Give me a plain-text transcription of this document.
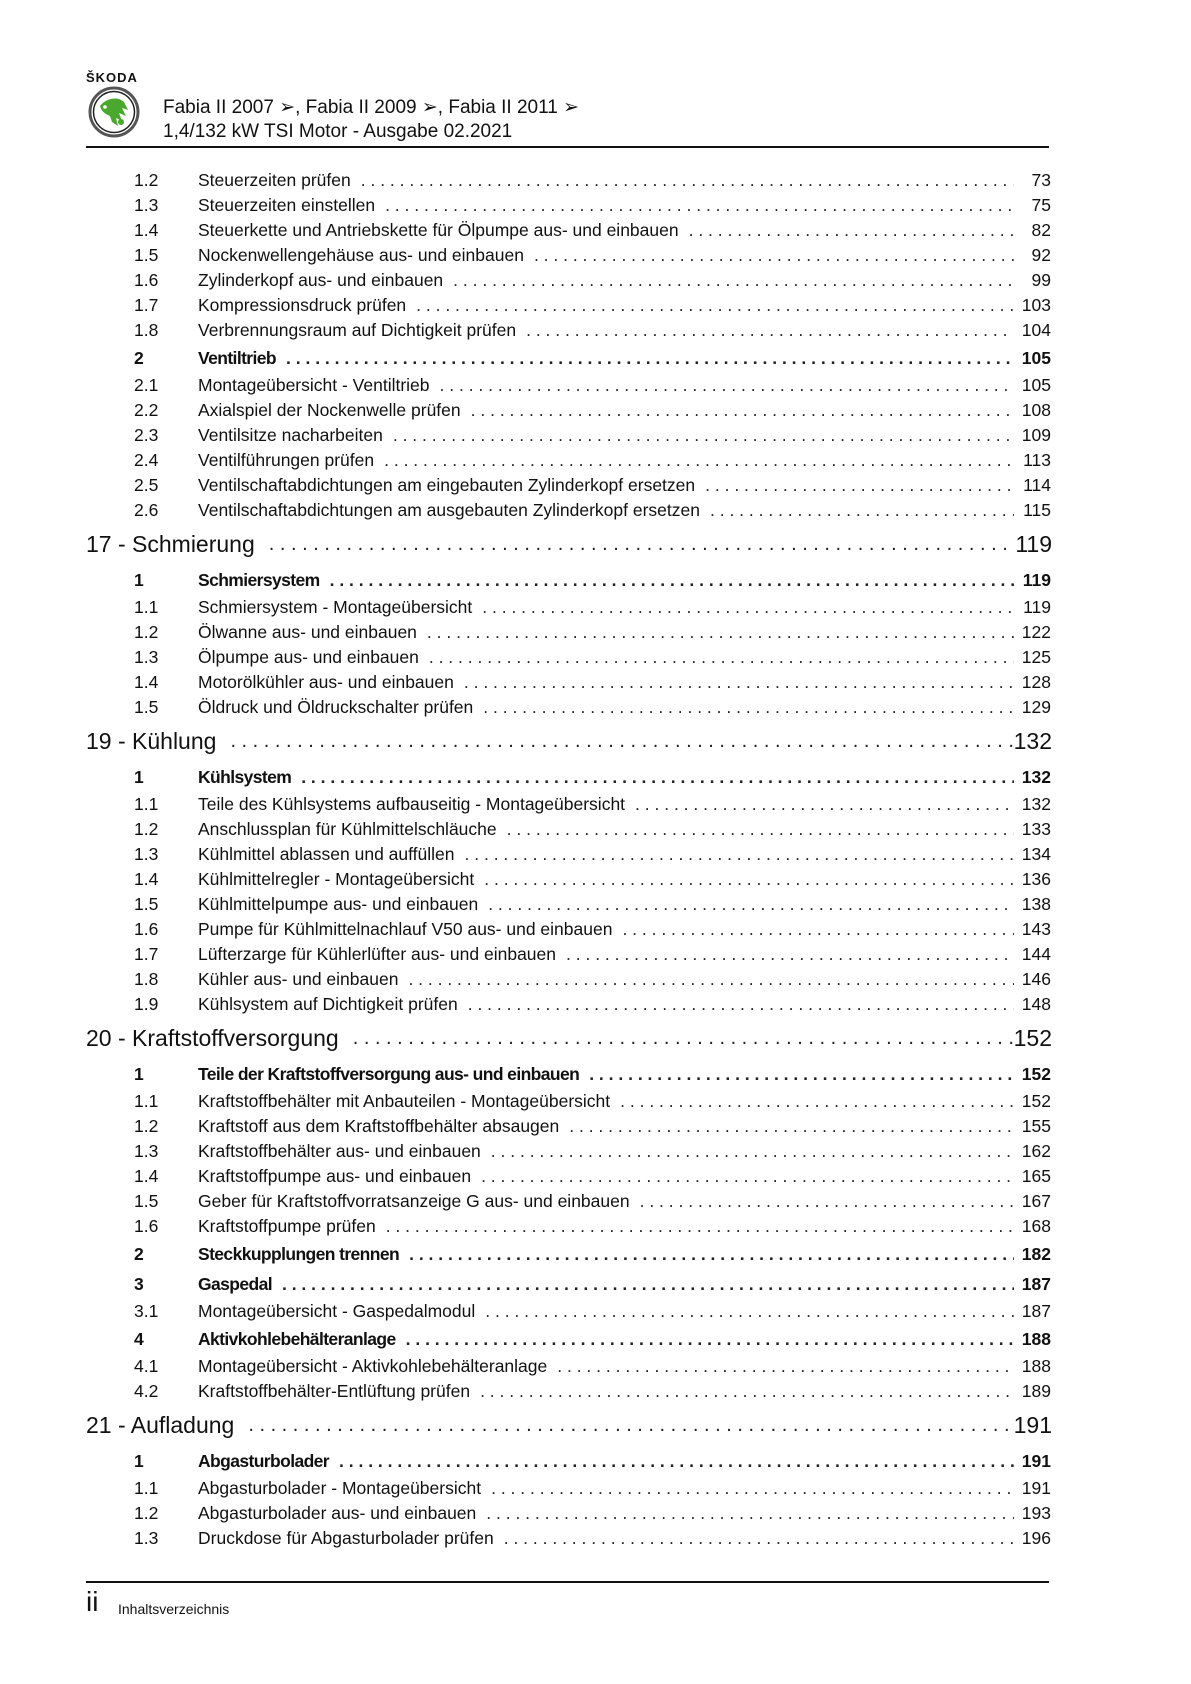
ŠKODA
Fabia II 2007 ➢, Fabia II 2009 ➢, Fabia II 2011 ➢
1,4/132 kW TSI Motor - Ausgabe 02.2021
1.2	Steuerzeiten prüfen . . .	73
1.3	Steuerzeiten einstellen . . .	75
1.4	Steuerkette und Antriebskette für Ölpumpe aus- und einbauen . . .	82
1.5	Nockenwellengehäuse aus- und einbauen . . .	92
1.6	Zylinderkopf aus- und einbauen . . .	99
1.7	Kompressionsdruck prüfen . . .	103
1.8	Verbrennungsraum auf Dichtigkeit prüfen . . .	104
2	Ventiltrieb . . .	105
2.1	Montageübersicht - Ventiltrieb . . .	105
2.2	Axialspiel der Nockenwelle prüfen . . .	108
2.3	Ventilsitze nacharbeiten . . .	109
2.4	Ventilführungen prüfen . . .	113
2.5	Ventilschaftabdichtungen am eingebauten Zylinderkopf ersetzen . . .	114
2.6	Ventilschaftabdichtungen am ausgebauten Zylinderkopf ersetzen . . .	115
17 - Schmierung . . .	119
1	Schmiersystem . . .	119
1.1	Schmiersystem - Montageübersicht . . .	119
1.2	Ölwanne aus- und einbauen . . .	122
1.3	Ölpumpe aus- und einbauen . . .	125
1.4	Motorölkühler aus- und einbauen . . .	128
1.5	Öldruck und Öldruckschalter prüfen . . .	129
19 - Kühlung . . .	132
1	Kühlsystem . . .	132
1.1	Teile des Kühlsystems aufbauseitig - Montageübersicht . . .	132
1.2	Anschlussplan für Kühlmittelschläuche . . .	133
1.3	Kühlmittel ablassen und auffüllen . . .	134
1.4	Kühlmittelregler - Montageübersicht . . .	136
1.5	Kühlmittelpumpe aus- und einbauen . . .	138
1.6	Pumpe für Kühlmittelnachlauf V50 aus- und einbauen . . .	143
1.7	Lüfterzarge für Kühlerlüfter aus- und einbauen . . .	144
1.8	Kühler aus- und einbauen . . .	146
1.9	Kühlsystem auf Dichtigkeit prüfen . . .	148
20 - Kraftstoffversorgung . . .	152
1	Teile der Kraftstoffversorgung aus- und einbauen . . .	152
1.1	Kraftstoffbehälter mit Anbauteilen - Montageübersicht . . .	152
1.2	Kraftstoff aus dem Kraftstoffbehälter absaugen . . .	155
1.3	Kraftstoffbehälter aus- und einbauen . . .	162
1.4	Kraftstoffpumpe aus- und einbauen . . .	165
1.5	Geber für Kraftstoffvorratsanzeige G aus- und einbauen . . .	167
1.6	Kraftstoffpumpe prüfen . . .	168
2	Steckkupplungen trennen . . .	182
3	Gaspedal . . .	187
3.1	Montageübersicht - Gaspedalmodul . . .	187
4	Aktivkohlebehälteranlage . . .	188
4.1	Montageübersicht - Aktivkohlebehälteranlage . . .	188
4.2	Kraftstoffbehälter-Entlüftung prüfen . . .	189
21 - Aufladung . . .	191
1	Abgasturbolader . . .	191
1.1	Abgasturbolader - Montageübersicht . . .	191
1.2	Abgasturbolader aus- und einbauen . . .	193
1.3	Druckdose für Abgasturbolader prüfen . . .	196
ii Inhaltsverzeichnis
